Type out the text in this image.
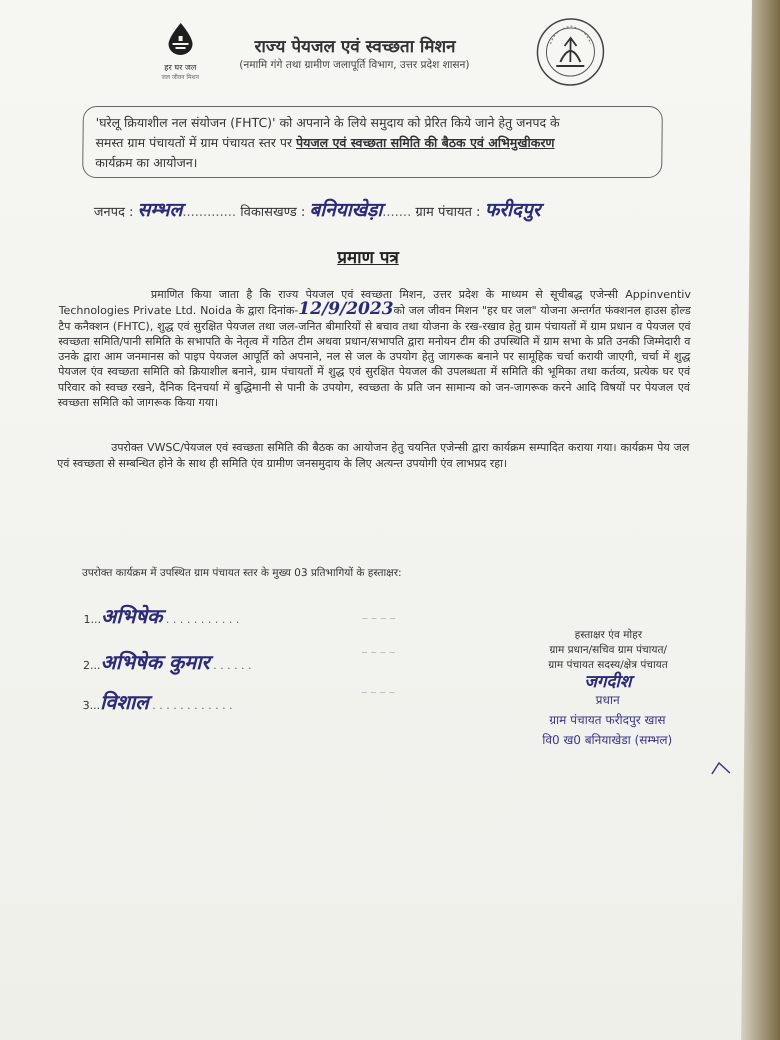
हर घर जल
जल जीवन मिशन
राज्य पेयजल एवं स्वच्छता मिशन
(नमामि गंगे तथा ग्रामीण जलापूर्ति विभाग, उत्तर प्रदेश शासन)
'घरेलू क्रियाशील नल संयोजन (FHTC)' को अपनाने के लिये समुदाय को प्रेरित किये जाने हेतु जनपद के
समस्त ग्राम पंचायतों में ग्राम पंचायत स्तर पर पेयजल एवं स्वच्छता समिति की बैठक एवं अभिमुखीकरण
कार्यक्रम का आयोजन।
जनपद : सम्भल............. विकासखण्ड : बनियाखेड़ा....... ग्राम पंचायत : फरीदपुर
प्रमाण पत्र

प्रमाणित किया जाता है कि राज्य पेयजल एवं स्वच्छता मिशन, उत्तर प्रदेश के माध्यम से सूचीबद्ध एजेन्सी Appinventiv Technologies Private Ltd. Noida के द्वारा दिनांक-12/9/2023को जल जीवन मिशन "हर घर जल" योजना अन्तर्गत फंक्शनल हाउस होल्ड टैप कनैक्शन (FHTC), शुद्ध एवं सुरक्षित पेयजल तथा जल-जनित बीमारियों से बचाव तथा योजना के रख-रखाव हेतु ग्राम पंचायतों में ग्राम प्रधान व पेयजल एवं स्वच्छता समिति/पानी समिति के सभापति के नेतृत्व में गठित टीम अथवा प्रधान/सभापति द्वारा मनोयन टीम की उपस्थिति में ग्राम सभा के प्रति उनकी जिम्मेदारी व उनके द्वारा आम जनमानस को पाइप पेयजल आपूर्ति को अपनाने, नल से जल के उपयोग हेतु जागरूक बनाने पर सामूहिक चर्चा करायी जाएगी, चर्चा में शुद्ध पेयजल एंव स्वच्छता समिति को क्रियाशील बनाने, ग्राम पंचायतों में शुद्ध एवं सुरक्षित पेयजल की उपलब्धता में समिति की भूमिका तथा कर्तव्य, प्रत्येक घर एवं परिवार को स्वच्छ रखने, दैनिक दिनचर्या में बुद्धिमानी से पानी के उपयोग, स्वच्छता के प्रति जन सामान्य को जन-जागरूक करने आदि विषयों पर पेयजल एवं स्वच्छता समिति को जागरूक किया गया।

उपरोक्त VWSC/पेयजल एवं स्वच्छता समिति की बैठक का आयोजन हेतु चयनित एजेन्सी द्वारा कार्यक्रम सम्पादित कराया गया। कार्यक्रम पेय जल एवं स्वच्छता से सम्बन्धित होने के साथ ही समिति एंव ग्रामीण जनसमुदाय के लिए अत्यन्त उपयोगी एंव लाभप्रद रहा।

उपरोक्त कार्यक्रम में उपस्थित ग्राम पंचायत स्तर के मुख्य 03 प्रतिभागियों के हस्ताक्षर:
1...अभिषेक . . . . . . . . . . .
2...अभिषेक कुमार . . . . . .
3...विशाल . . . . . . . . . . . .
~ ~ ~ ~
~ ~ ~ ~
~ ~ ~ ~
हस्ताक्षर एंव मोहर
ग्राम प्रधान/सचिव ग्राम पंचायत/
ग्राम पंचायत सदस्य/क्षेत्र पंचायत
जगदीश
प्रधान
ग्राम पंचायत फरीदपुर खास
वि0 ख0 बनियाखेडा (सम्भल)
